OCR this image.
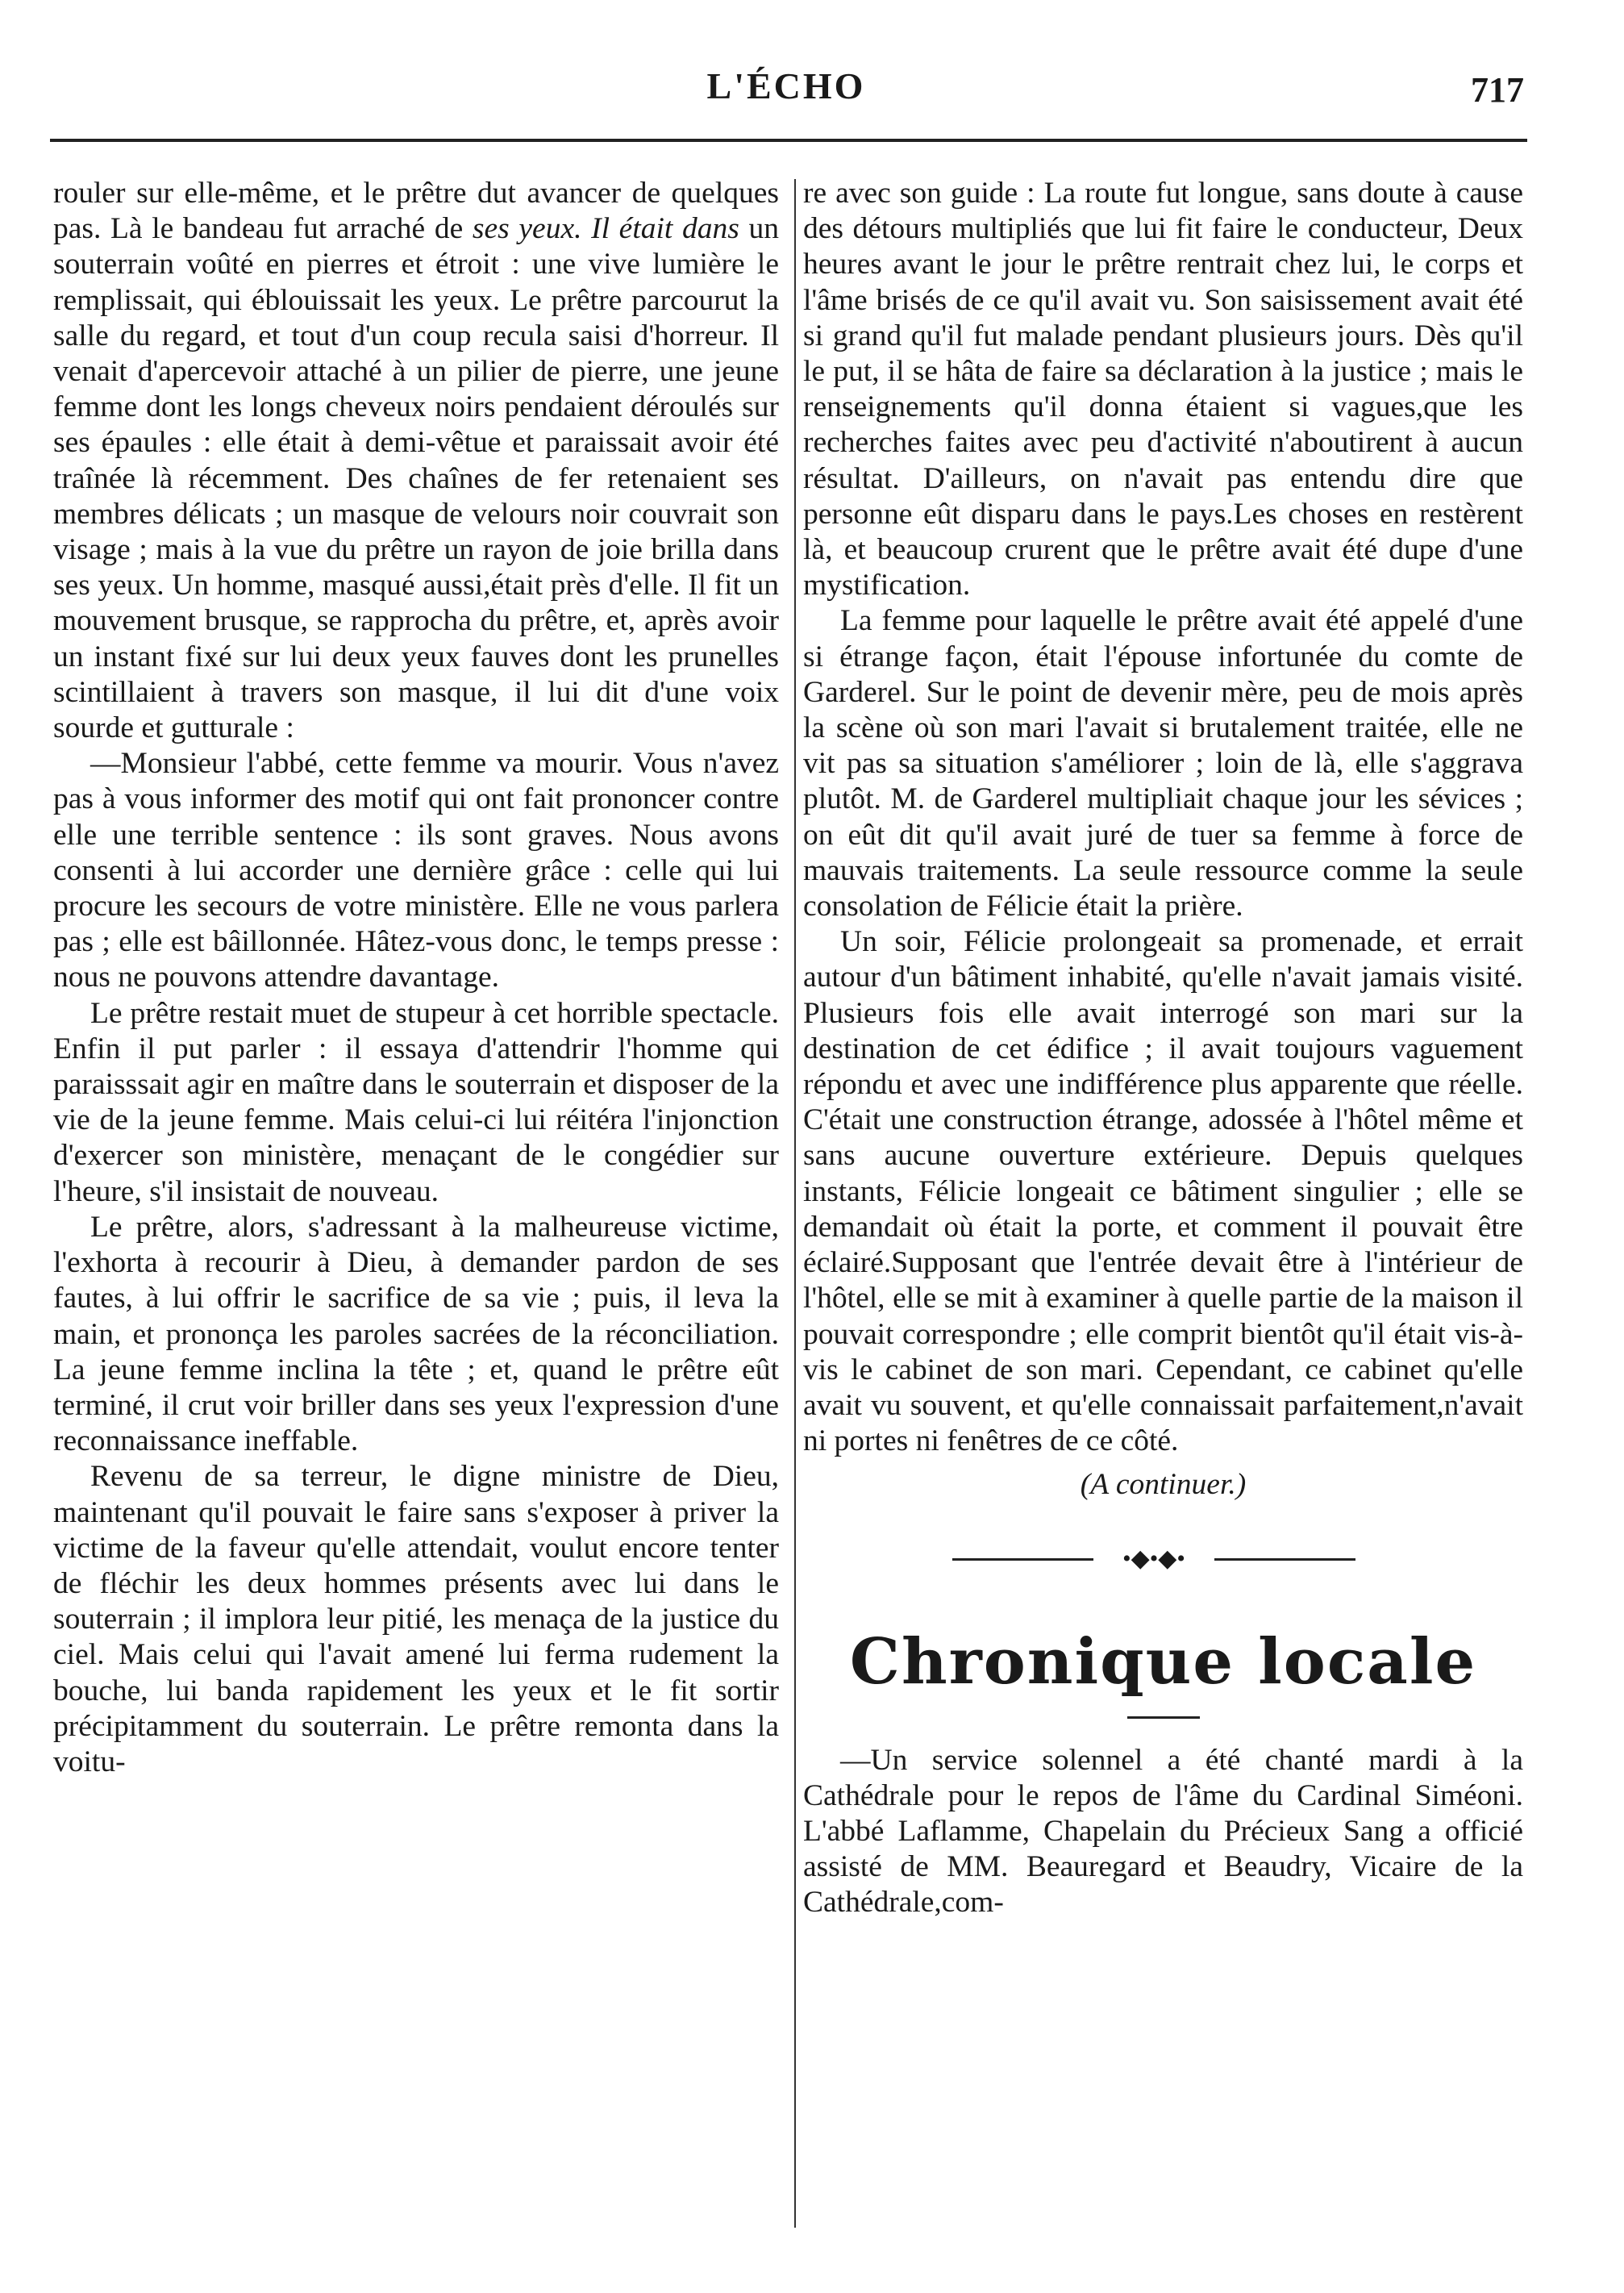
L'ÉCHO	717

rouler sur elle-même, et le prêtre dut avancer de quelques pas. Là le bandeau fut arraché de ses yeux. Il était dans un souterrain voûté en pierres et étroit : une vive lumière le remplissait, qui éblouissait les yeux. Le prêtre parcourut la salle du regard, et tout d'un coup recula saisi d'horreur. Il venait d'apercevoir attaché à un pilier de pierre, une jeune femme dont les longs cheveux noirs pendaient déroulés sur ses épaules : elle était à demi-vêtue et paraissait avoir été traînée là récemment. Des chaînes de fer retenaient ses membres délicats ; un masque de velours noir couvrait son visage ; mais à la vue du prêtre un rayon de joie brilla dans ses yeux. Un homme, masqué aussi,était près d'elle. Il fit un mouvement brusque, se rapprocha du prêtre, et, après avoir un instant fixé sur lui deux yeux fauves dont les prunelles scintillaient à travers son masque, il lui dit d'une voix sourde et gutturale :

—Monsieur l'abbé, cette femme va mourir. Vous n'avez pas à vous informer des motif qui ont fait prononcer contre elle une terrible sentence : ils sont graves. Nous avons consenti à lui accorder une dernière grâce : celle qui lui procure les secours de votre ministère. Elle ne vous parlera pas ; elle est bâillonnée. Hâtez-vous donc, le temps presse : nous ne pouvons attendre davantage.

Le prêtre restait muet de stupeur à cet horrible spectacle. Enfin il put parler : il essaya d'attendrir l'homme qui paraisssait agir en maître dans le souterrain et disposer de la vie de la jeune femme. Mais celui-ci lui réitéra l'injonction d'exercer son ministère, menaçant de le congédier sur l'heure, s'il insistait de nouveau.

Le prêtre, alors, s'adressant à la malheureuse victime, l'exhorta à recourir à Dieu, à demander pardon de ses fautes, à lui offrir le sacrifice de sa vie ; puis, il leva la main, et prononça les paroles sacrées de la réconciliation. La jeune femme inclina la tête ; et, quand le prêtre eût terminé, il crut voir briller dans ses yeux l'expression d'une reconnaissance ineffable.

Revenu de sa terreur, le digne ministre de Dieu, maintenant qu'il pouvait le faire sans s'exposer à priver la victime de la faveur qu'elle attendait, voulut encore tenter de fléchir les deux hommes présents avec lui dans le souterrain ; il implora leur pitié, les menaça de la justice du ciel. Mais celui qui l'avait amené lui ferma rudement la bouche, lui banda rapidement les yeux et le fit sortir précipitamment du souterrain. Le prêtre remonta dans la voitu-

re avec son guide : La route fut longue, sans doute à cause des détours multipliés que lui fit faire le conducteur, Deux heures avant le jour le prêtre rentrait chez lui, le corps et l'âme brisés de ce qu'il avait vu. Son saisissement avait été si grand qu'il fut malade pendant plusieurs jours. Dès qu'il le put, il se hâta de faire sa déclaration à la justice ; mais le renseignements qu'il donna étaient si vagues,que les recherches faites avec peu d'activité n'aboutirent à aucun résultat. D'ailleurs, on n'avait pas entendu dire que personne eût disparu dans le pays.Les choses en restèrent là, et beaucoup crurent que le prêtre avait été dupe d'une mystification.

La femme pour laquelle le prêtre avait été appelé d'une si étrange façon, était l'épouse infortunée du comte de Garderel. Sur le point de devenir mère, peu de mois après la scène où son mari l'avait si brutalement traitée, elle ne vit pas sa situation s'améliorer ; loin de là, elle s'aggrava plutôt. M. de Garderel multipliait chaque jour les sévices ; on eût dit qu'il avait juré de tuer sa femme à force de mauvais traitements. La seule ressource comme la seule consolation de Félicie était la prière.

Un soir, Félicie prolongeait sa promenade, et errait autour d'un bâtiment inhabité, qu'elle n'avait jamais visité. Plusieurs fois elle avait interrogé son mari sur la destination de cet édifice ; il avait toujours vaguement répondu et avec une indifférence plus apparente que réelle. C'était une construction étrange, adossée à l'hôtel même et sans aucune ouverture extérieure. Depuis quelques instants, Félicie longeait ce bâtiment singulier ; elle se demandait où était la porte, et comment il pouvait être éclairé.Supposant que l'entrée devait être à l'intérieur de l'hôtel, elle se mit à examiner à quelle partie de la maison il pouvait correspondre ; elle comprit bientôt qu'il était vis-à-vis le cabinet de son mari. Cependant, ce cabinet qu'elle avait vu souvent, et qu'elle connaissait parfaitement,n'avait ni portes ni fenêtres de ce côté.

(A continuer.)

•◆•◆•

Chronique locale

—Un service solennel a été chanté mardi à la Cathédrale pour le repos de l'âme du Cardinal Siméoni. L'abbé Laflamme, Chapelain du Précieux Sang a officié assisté de MM. Beauregard et Beaudry, Vicaire de la Cathédrale,com-
